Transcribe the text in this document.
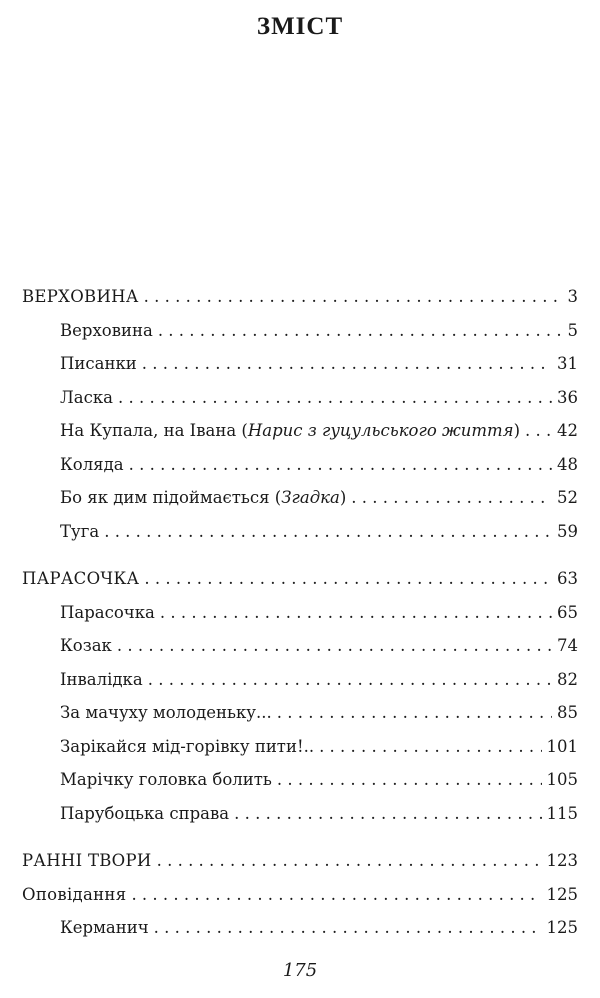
ЗМІСТ
ВЕРХОВИНА . . .	3
Верховина . . .	5
Писанки . . .	31
Ласка . . .	36
На Купала, на Івана (Нарис з гуцульського життя) . . . 42
Коляда . . .	48
Бо як дим підоймається (Згадка) . . .	52
Туга . . .	59
ПАРАСОЧКА . . .	63
Парасочка . . .	65
Козак . . .	74
Інвалідка . . .	82
За мачуху молоденьку... . . .	85
Зарікайся мід-горівку пити!.. . . .	101
Марічку головка болить . . .	105
Парубоцька справа . . .	115
РАННІ ТВОРИ . . .	123
Оповідання . . .	125
Керманич . . .	125
175
